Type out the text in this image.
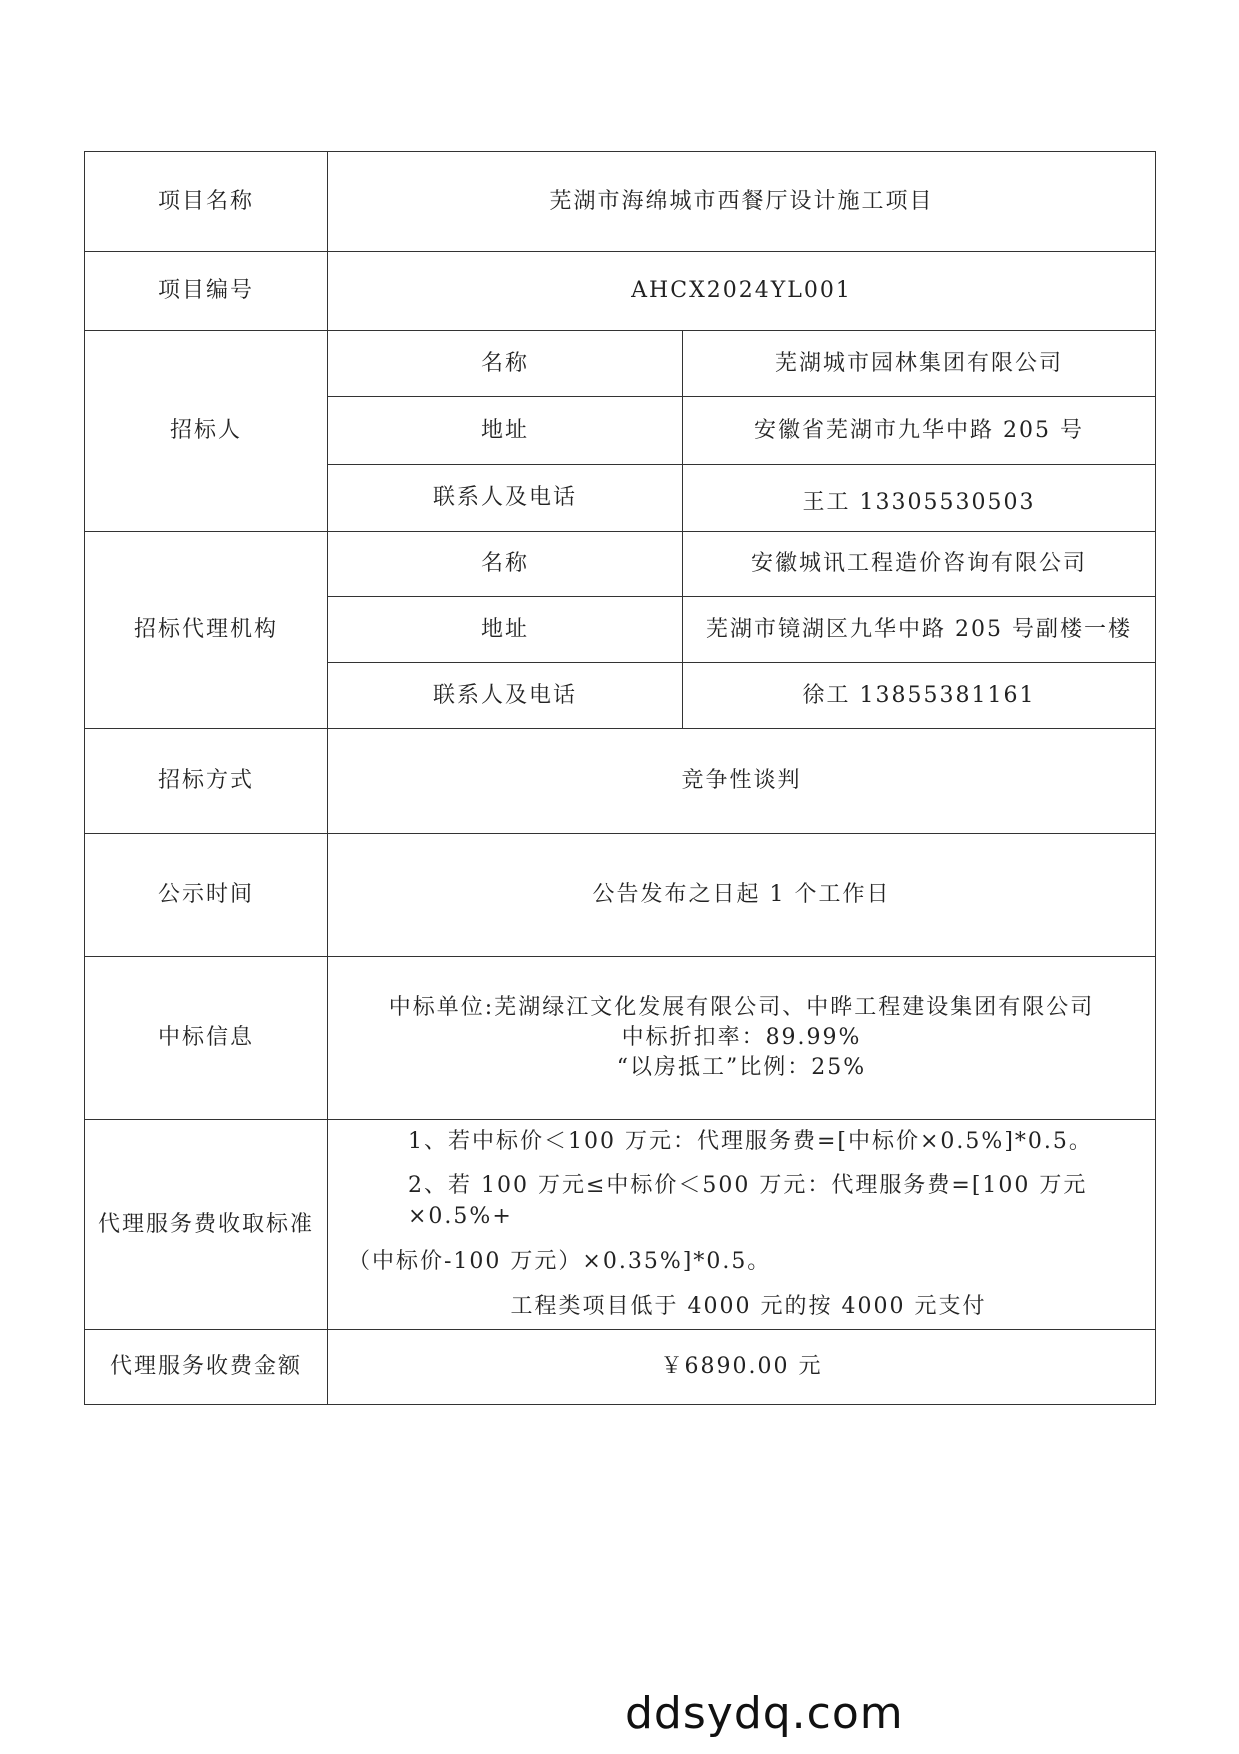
项目名称	芜湖市海绵城市西餐厅设计施工项目	
项目编号	AHCX2024YL001	
招标人	名称	芜湖城市园林集团有限公司
	地址	安徽省芜湖市九华中路 205 号
	联系人及电话	王工 13305530503
招标代理机构	名称	安徽城讯工程造价咨询有限公司
	地址	芜湖市镜湖区九华中路 205 号副楼一楼
	联系人及电话	徐工 13855381161
招标方式	竞争性谈判	
公示时间	公告发布之日起 1 个工作日	
中标信息	中标单位:芜湖绿江文化发展有限公司、中晔工程建设集团有限公司
中标折扣率：89.99%
“以房抵工”比例：25%	

代理服务费收取标准	1、若中标价＜100 万元：代理服务费=[中标价×0.5%]*0.5。
2、若 100 万元≤中标价＜500 万元：代理服务费=[100 万元×0.5%+
（中标价-100 万元）×0.35%]*0.5。
工程类项目低于 4000 元的按 4000 元支付	

代理服务收费金额	￥6890.00 元	
ddsydq.com
